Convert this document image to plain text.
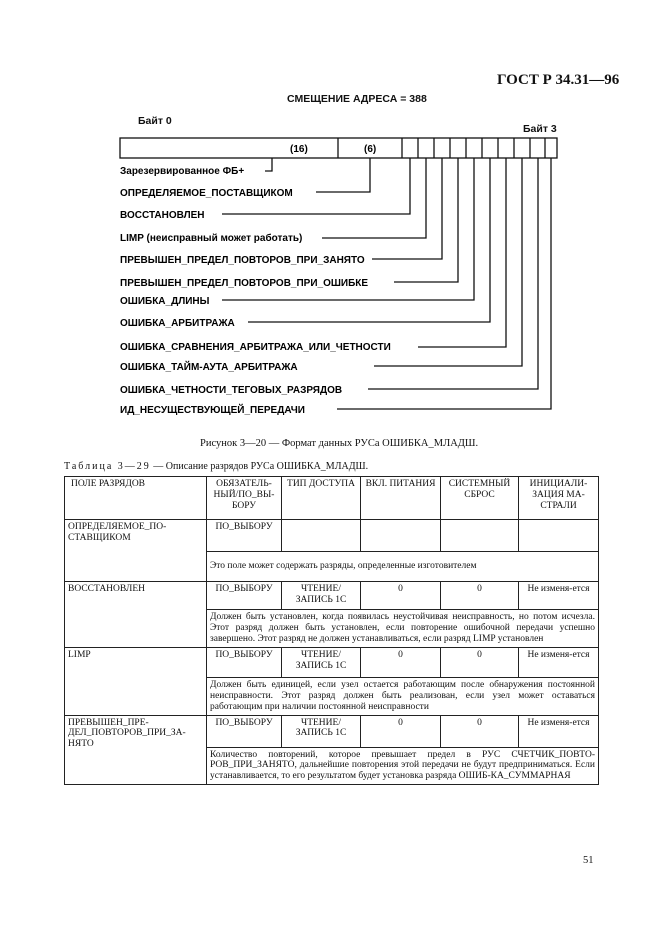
ГОСТ Р 34.31—96
СМЕЩЕНИЕ АДРЕСА = 388
Байт 0
Байт 3
(16)	(6)
Зарезервированное ФБ+
ОПРЕДЕЛЯЕМОЕ_ПОСТАВЩИКОМ
ВОССТАНОВЛЕН
LIMP (неисправный может работать)
ПРЕВЫШЕН_ПРЕДЕЛ_ПОВТОРОВ_ПРИ_ЗАНЯТО
ПРЕВЫШЕН_ПРЕДЕЛ_ПОВТОРОВ_ПРИ_ОШИБКЕ
ОШИБКА_ДЛИНЫ
ОШИБКА_АРБИТРАЖА
ОШИБКА_СРАВНЕНИЯ_АРБИТРАЖА_ИЛИ_ЧЕТНОСТИ
ОШИБКА_ТАЙМ-АУТА_АРБИТРАЖА
ОШИБКА_ЧЕТНОСТИ_ТЕГОВЫХ_РАЗРЯДОВ
ИД_НЕСУЩЕСТВУЮЩЕЙ_ПЕРЕДАЧИ
Рисунок 3—20 — Формат данных РУСа ОШИБКА_МЛАДШ.
Таблица 3—29 — Описание разрядов РУСа ОШИБКА_МЛАДШ.
ПОЛЕ РАЗРЯДОВ	ОБЯЗАТЕЛЬ-НЫЙ/ПО_ВЫ-БОРУ	ТИП ДОСТУПА	ВКЛ. ПИТАНИЯ	СИСТЕМНЫЙ СБРОС	ИНИЦИАЛИ-ЗАЦИЯ МА-СТРАЛИ
ОПРЕДЕЛЯЕМОЕ_ПО-СТАВЩИКОМ	ПО_ВЫБОРУ				
	Это поле может содержать разряды, определенные изготовителем				
ВОССТАНОВЛЕН	ПО_ВЫБОРУ	ЧТЕНИЕ/ ЗАПИСЬ 1С	0	0	Не изменя-ется
	Должен быть установлен, когда появилась неустойчивая неисправность, но потом исчезла. Этот разряд должен быть установлен, если повторение ошибочной передачи успешно завершено. Этот разряд не должен устанавливаться, если разряд LIMP установлен				
LIMP	ПО_ВЫБОРУ	ЧТЕНИЕ/ ЗАПИСЬ 1С	0	0	Не изменя-ется
	Должен быть единицей, если узел остается работающим после обнаружения постоянной неисправности. Этот разряд должен быть реализован, если узел может оставаться работающим при наличии постоянной неисправности				
ПРЕВЫШЕН_ПРЕ-ДЕЛ_ПОВТОРОВ_ПРИ_ЗА-НЯТО	ПО_ВЫБОРУ	ЧТЕНИЕ/ ЗАПИСЬ 1С	0	0	Не изменя-ется
	Количество повторений, которое превышает предел в РУС СЧЕТЧИК_ПОВТО-РОВ_ПРИ_ЗАНЯТО, дальнейшие повторения этой передачи не будут предприниматься. Если устанавливается, то его результатом будет установка разряда ОШИБ-КА_СУММАРНАЯ				
51
